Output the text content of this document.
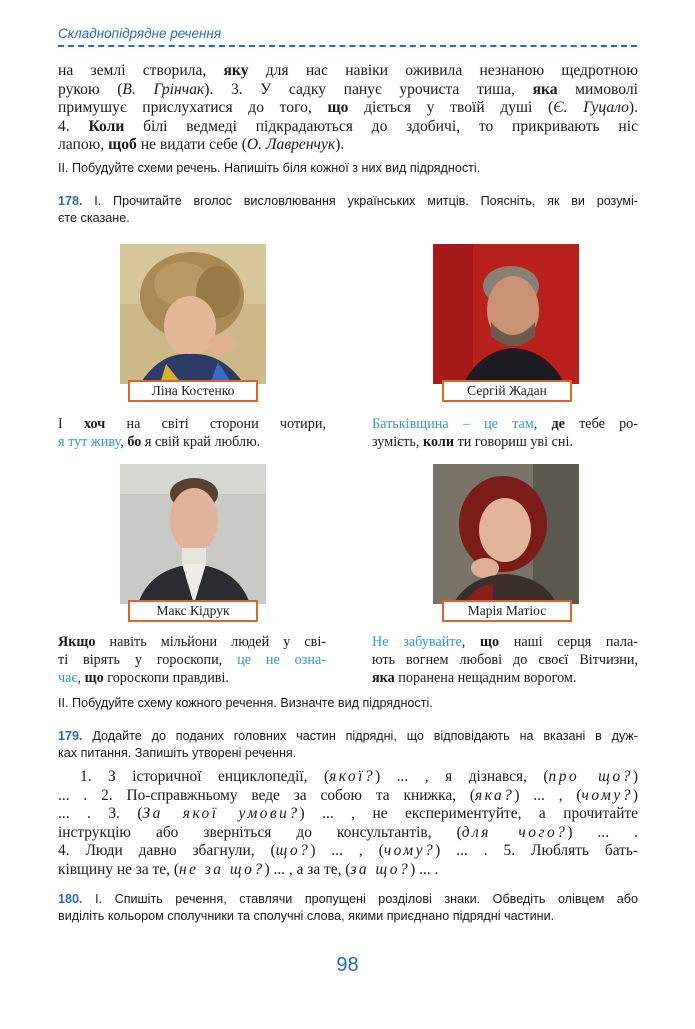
Складнопідрядне речення
на землі створила, яку для нас навіки оживила незнаною щедротною
рукою (В. Грінчак). 3. У садку панує урочиста тиша, яка мимоволі
примушує прислухатися до того, що діється у твоїй душі (Є. Гуцало).
4. Коли білі ведмеді підкрадаються до здобичі, то прикривають ніс
лапою, щоб не видати себе (О. Лавренчук).
ІІ. Побудуйте схеми речень. Напишіть біля кожної з них вид підрядності.
178. І. Прочитайте вголос висловлювання українських митців. Поясніть, як ви розумі-
єте сказане.
Ліна Костенко	Сергій Жадан
І хоч на світі сторони чотири,
я тут живу, бо я свій край люблю.
Батьківщина – це там, де тебе ро-
зумієть, коли ти говориш уві сні.
Макс Кідрук	Марія Матіос
Якщо навіть мільйони людей у сві-
ті вірять у гороскопи, це не озна-
чає, що гороскопи правдиві.
Не забувайте, що наші серця пала-
ють вогнем любові до своєї Вітчизни,
яка поранена нещадним ворогом.
ІІ. Побудуйте схему кожного речення. Визначте вид підрядності.
179. Додайте до поданих головних частин підрядні, що відповідають на вказані в дуж-
ках питання. Запишіть утворені речення.
1. З історичної енциклопедії, (якої?) ... , я дізнався, (про що?)
... . 2. По-справжньому веде за собою та книжка, (яка?) ... , (чому?)
... . 3. (За якої умови?) ... , не експериментуйте, а прочитайте
інструкцію або зверніться до консультантів, (для чого?) ... .
4. Люди давно збагнули, (що?) ... , (чому?) ... . 5. Люблять бать-
ківщину не за те, (не за що?) ... , а за те, (за що?) ... .
180. І. Спишіть речення, ставлячи пропущені розділові знаки. Обведіть олівцем або
виділіть кольором сполучники та сполучні слова, якими приєднано підрядні частини.
98
